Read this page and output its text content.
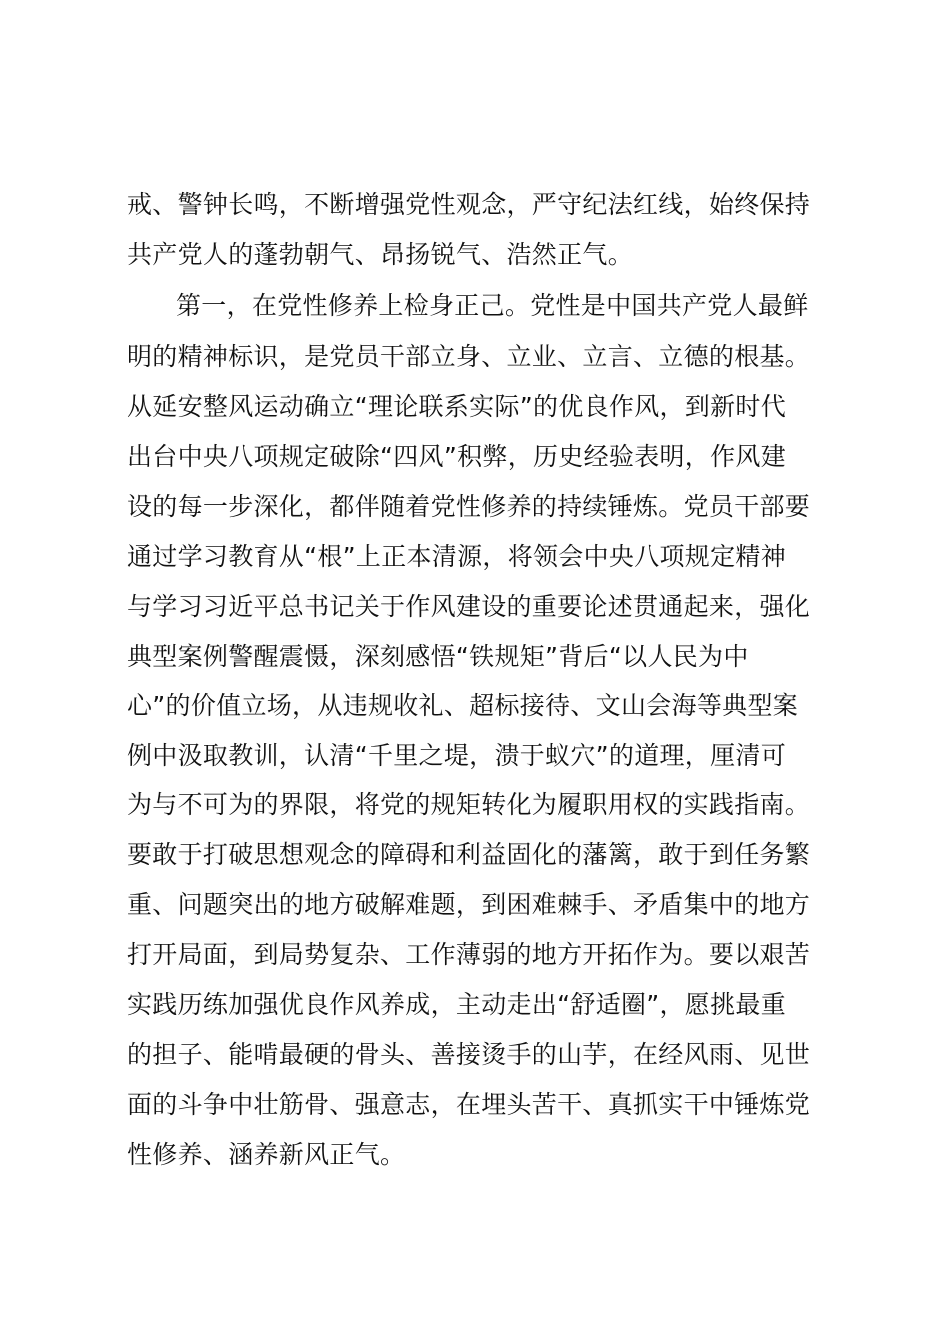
戒、警钟长鸣，不断增强党性观念，严守纪法红线，始终保持
共产党人的蓬勃朝气、昂扬锐气、浩然正气。
第一，在党性修养上检身正己。党性是中国共产党人最鲜
明的精神标识，是党员干部立身、立业、立言、立德的根基。
从延安整风运动确立“理论联系实际”的优良作风，到新时代
出台中央八项规定破除“四风”积弊，历史经验表明，作风建
设的每一步深化，都伴随着党性修养的持续锤炼。党员干部要
通过学习教育从“根”上正本清源，将领会中央八项规定精神
与学习习近平总书记关于作风建设的重要论述贯通起来，强化
典型案例警醒震慑，深刻感悟“铁规矩”背后“以人民为中
心”的价值立场，从违规收礼、超标接待、文山会海等典型案
例中汲取教训，认清“千里之堤，溃于蚁穴”的道理，厘清可
为与不可为的界限，将党的规矩转化为履职用权的实践指南。
要敢于打破思想观念的障碍和利益固化的藩篱，敢于到任务繁
重、问题突出的地方破解难题，到困难棘手、矛盾集中的地方
打开局面，到局势复杂、工作薄弱的地方开拓作为。要以艰苦
实践历练加强优良作风养成，主动走出“舒适圈”，愿挑最重
的担子、能啃最硬的骨头、善接烫手的山芋，在经风雨、见世
面的斗争中壮筋骨、强意志，在埋头苦干、真抓实干中锤炼党
性修养、涵养新风正气。
